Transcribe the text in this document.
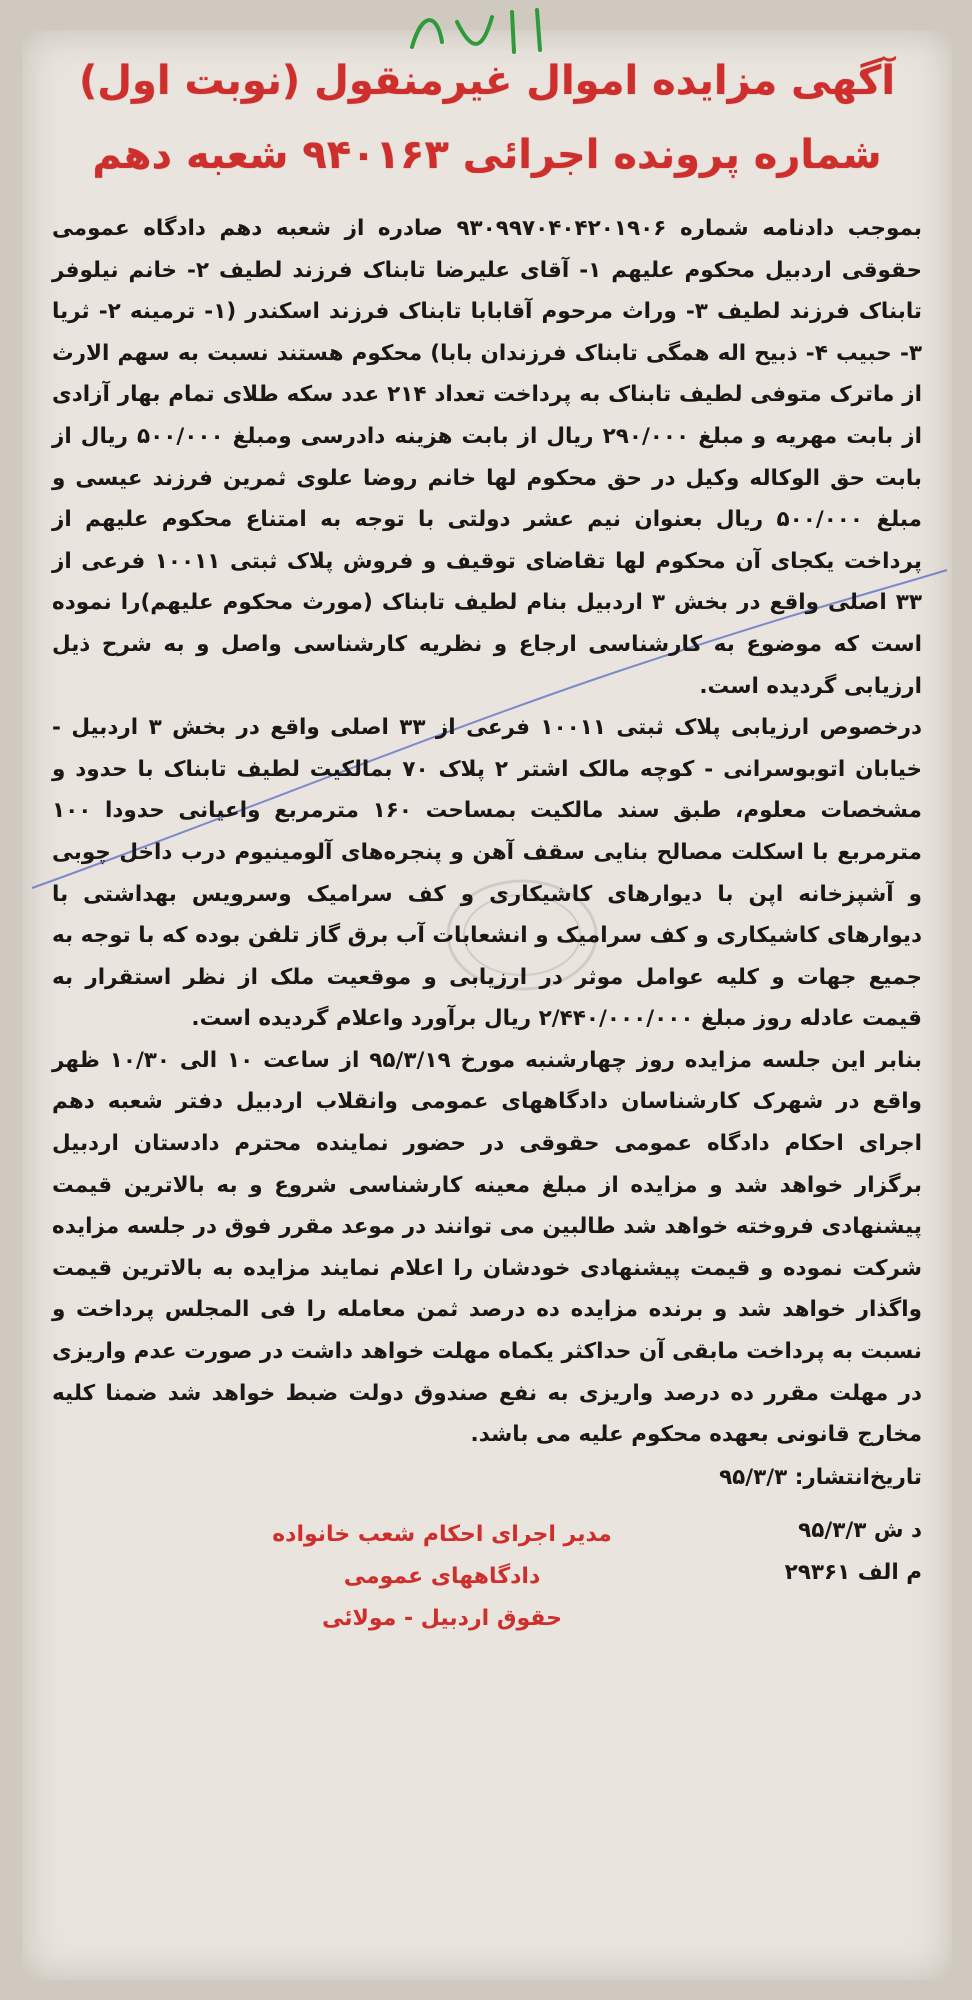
آگهی مزایده اموال غیرمنقول (نوبت اول)
شماره پرونده اجرائی ۹۴۰۱۶۳ شعبه دهم

بموجب دادنامه شماره ۹۳۰۹۹۷۰۴۰۴۲۰۱۹۰۶ صادره از شعبه دهم دادگاه عمومی حقوقی اردبیل محکوم علیهم ۱- آقای علیرضا تابناک فرزند لطیف ۲- خانم نیلوفر تابناک فرزند لطیف ۳- وراث مرحوم آقابابا تابناک فرزند اسکندر (۱- ترمینه ۲- ثریا ۳- حبیب ۴- ذبیح اله همگی تابناک فرزندان بابا) محکوم هستند نسبت به سهم الارث از ماترک متوفی لطیف تابناک به پرداخت تعداد ۲۱۴ عدد سکه طلای تمام بهار آزادی از بابت مهریه و مبلغ ۲۹۰/۰۰۰ ریال از بابت هزینه دادرسی ومبلغ ۵۰۰/۰۰۰ ریال از بابت حق الوکاله وکیل در حق محکوم لها خانم روضا علوی ثمرین فرزند عیسی و مبلغ ۵۰۰/۰۰۰ ریال بعنوان نیم عشر دولتی با توجه به امتناع محکوم علیهم از پرداخت یکجای آن محکوم لها تقاضای توقیف و فروش پلاک ثبتی ۱۰۰۱۱ فرعی از ۳۳ اصلی واقع در بخش ۳ اردبیل بنام لطیف تابناک (مورث محکوم علیهم)را نموده است که موضوع به کارشناسی ارجاع و نظریه کارشناسی واصل و به شرح ذیل ارزیابی گردیده است.

درخصوص ارزیابی پلاک ثبتی ۱۰۰۱۱ فرعی از ۳۳ اصلی واقع در بخش ۳ اردبیل - خیابان اتوبوسرانی - کوچه مالک اشتر ۲ پلاک ۷۰ بمالکیت لطیف تابناک با حدود و مشخصات معلوم، طبق سند مالکیت بمساحت ۱۶۰ مترمربع واعیانی حدودا ۱۰۰ مترمربع با اسکلت مصالح بنایی سقف آهن و پنجره‌های آلومینیوم درب داخل چوبی و آشپزخانه اپن با دیوارهای کاشیکاری و کف سرامیک وسرویس بهداشتی با دیوارهای کاشیکاری و کف سرامیک و انشعابات آب برق گاز تلفن بوده که با توجه به جمیع جهات و کلیه عوامل موثر در ارزیابی و موقعیت ملک از نظر استقرار به قیمت عادله روز مبلغ ۲/۴۴۰/۰۰۰/۰۰۰ ریال برآورد واعلام گردیده است.

بنابر این جلسه مزایده روز چهارشنبه مورخ ۹۵/۳/۱۹ از ساعت ۱۰ الی ۱۰/۳۰ ظهر واقع در شهرک کارشناسان دادگاههای عمومی وانقلاب اردبیل دفتر شعبه دهم اجرای احکام دادگاه عمومی حقوقی در حضور نماینده محترم دادستان اردبیل برگزار خواهد شد و مزایده از مبلغ معینه کارشناسی شروع و به بالاترین قیمت پیشنهادی فروخته خواهد شد طالبین می توانند در موعد مقرر فوق در جلسه مزایده شرکت نموده و قیمت پیشنهادی خودشان را اعلام نمایند مزایده به بالاترین قیمت واگذار خواهد شد و برنده مزایده ده درصد ثمن معامله را فی المجلس پرداخت و نسبت به پرداخت مابقی آن حداکثر یکماه مهلت خواهد داشت در صورت عدم واریزی در مهلت مقرر ده درصد واریزی به نفع صندوق دولت ضبط خواهد شد ضمنا کلیه مخارج قانونی بعهده محکوم علیه می باشد.

تاریخ‌انتشار: ۹۵/۳/۳
د ش ۹۵/۳/۳
م الف ۲۹۳۶۱
مدیر اجرای احکام شعب خانواده دادگاههای عمومی
حقوق اردبیل - مولائی
